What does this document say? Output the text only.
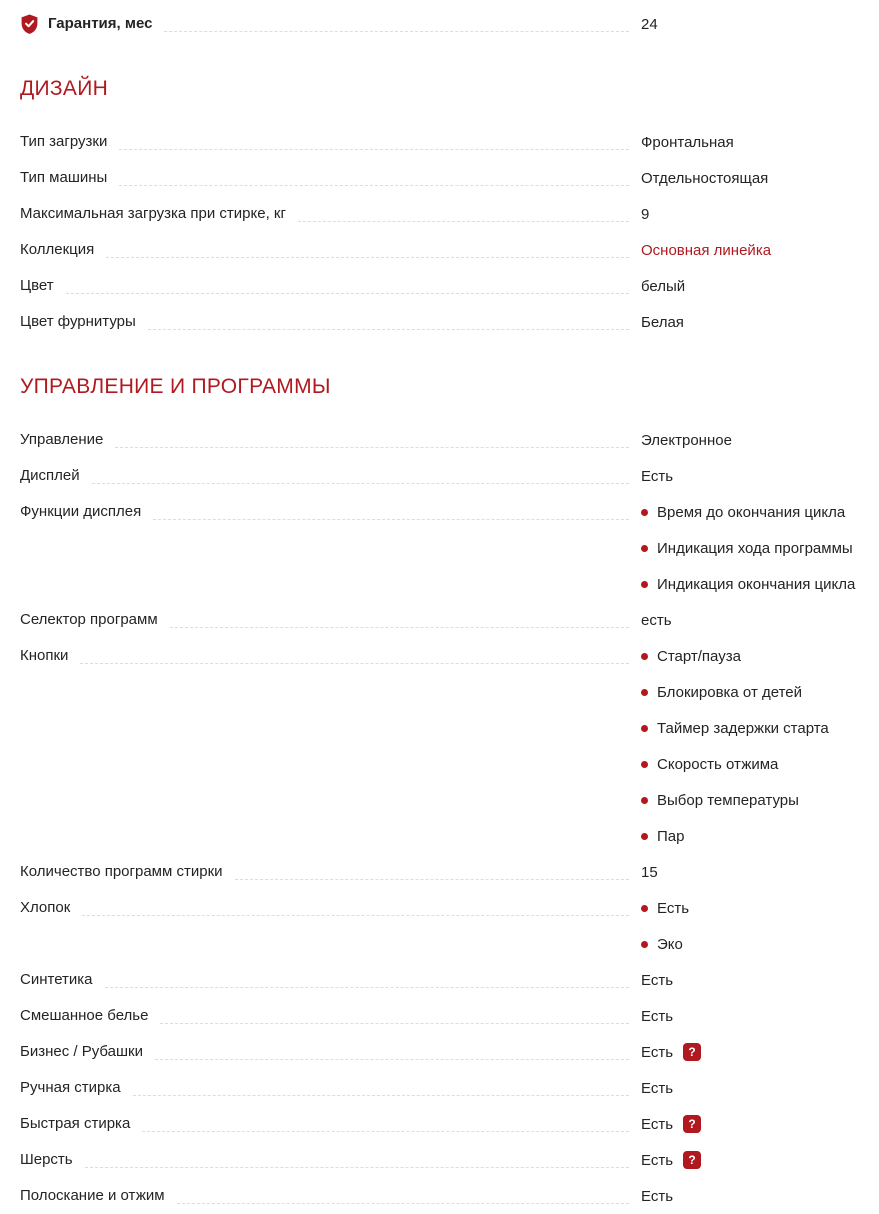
Гарантия, мес	24
ДИЗАЙН
Тип загрузки	Фронтальная
Тип машины	Отдельностоящая
Максимальная загрузка при стирке, кг	9
Коллекция	Основная линейка
Цвет	белый
Цвет фурнитуры	Белая
УПРАВЛЕНИЕ И ПРОГРАММЫ
Управление	Электронное
Дисплей	Есть
Функции дисплея	Время до окончания цикла
Индикация хода программы
Индикация окончания цикла
Селектор программ	есть
Кнопки	Старт/пауза
Блокировка от детей
Таймер задержки старта
Скорость отжима
Выбор температуры
Пар
Количество программ стирки	15
Хлопок	Есть
Эко
Синтетика	Есть
Смешанное белье	Есть
Бизнес / Рубашки	Есть	?
Ручная стирка	Есть
Быстрая стирка	Есть	?
Шерсть	Есть	?
Полоскание и отжим	Есть
